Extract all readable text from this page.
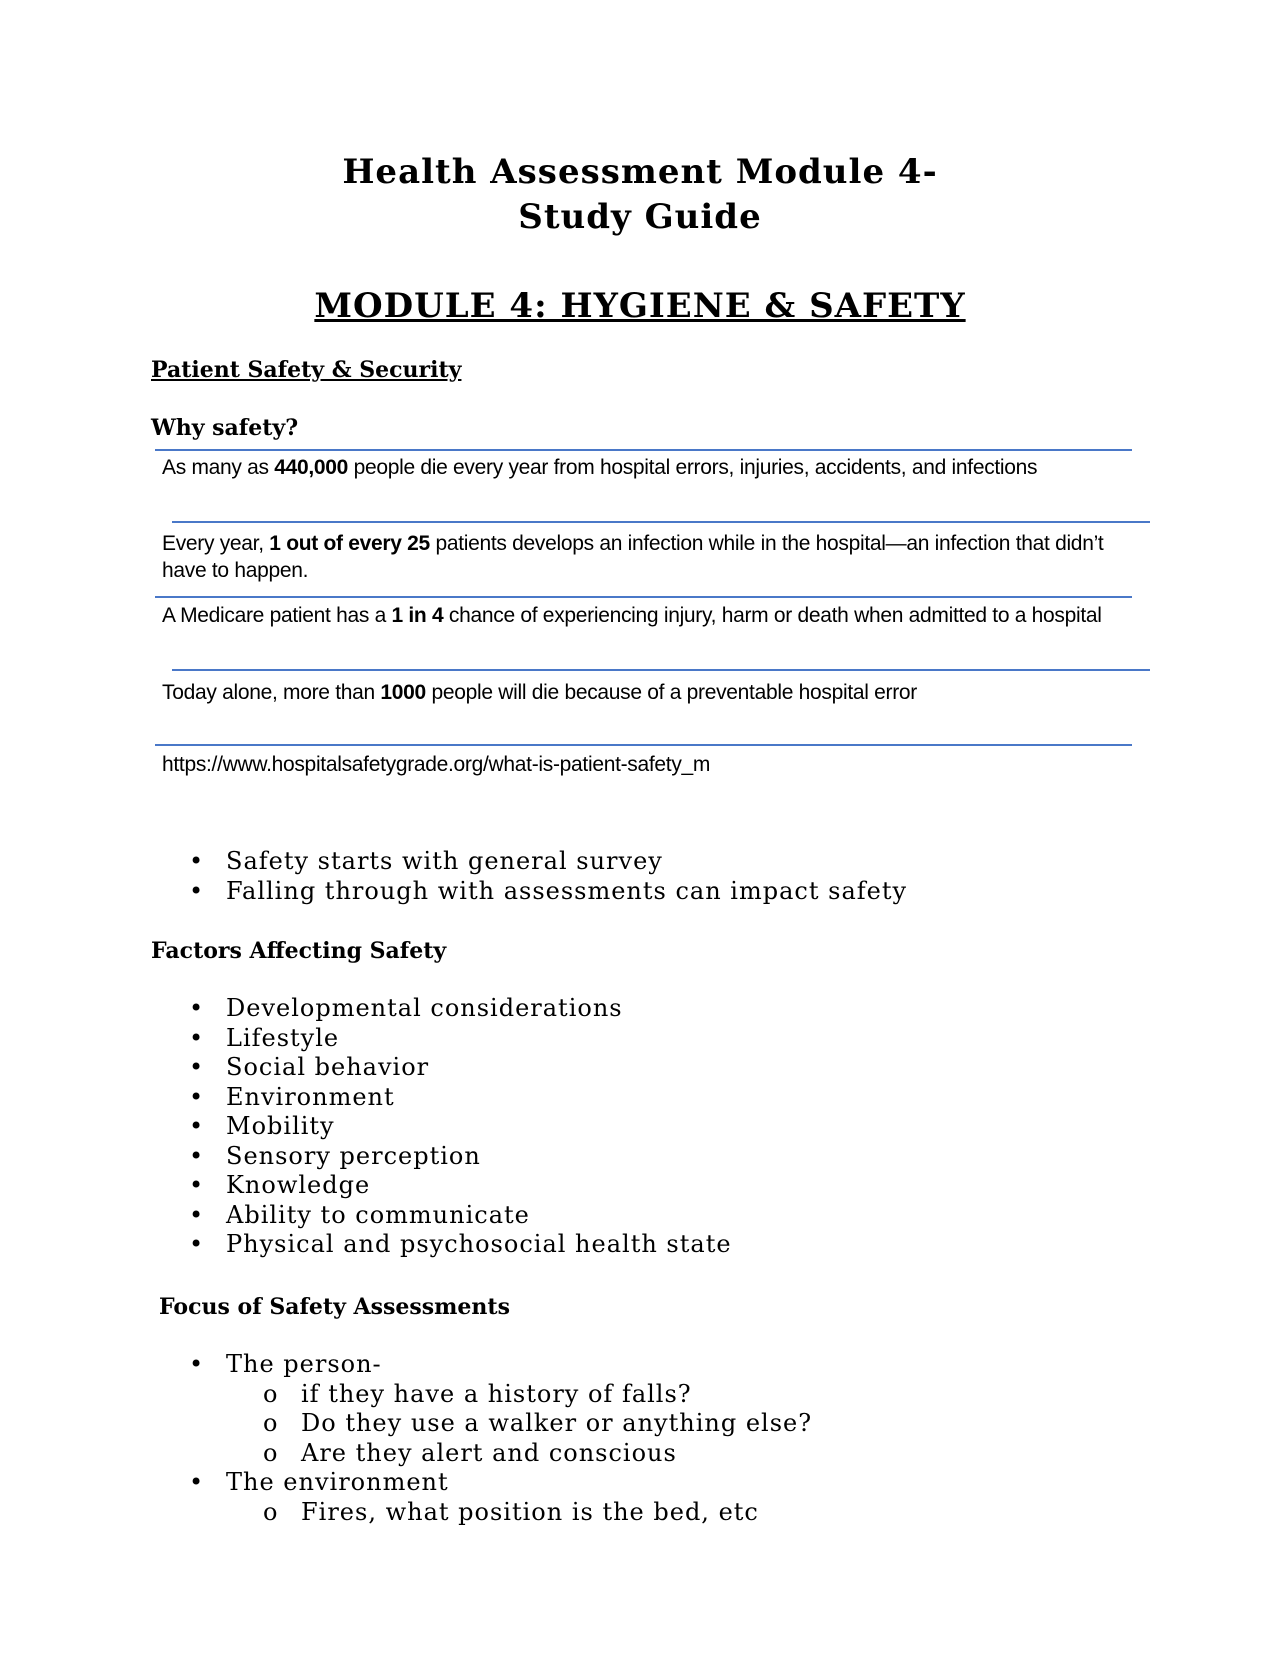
Health Assessment Module 4-
Study Guide
MODULE 4: HYGIENE & SAFETY
Patient Safety & Security
Why safety?
As many as 440,000 people die every year from hospital errors, injuries, accidents, and infections
Every year, 1 out of every 25 patients develops an infection while in the hospital—an infection that didn’t have to happen.
A Medicare patient has a 1 in 4 chance of experiencing injury, harm or death when admitted to a hospital
Today alone, more than 1000 people will die because of a preventable hospital error
https://www.hospitalsafetygrade.org/what-is-patient-safety_m
• Safety starts with general survey
• Falling through with assessments can impact safety
Factors Affecting Safety
• Developmental considerations
• Lifestyle
• Social behavior
• Environment
• Mobility
• Sensory perception
• Knowledge
• Ability to communicate
• Physical and psychosocial health state
Focus of Safety Assessments
• The person-
o if they have a history of falls?
o Do they use a walker or anything else?
o Are they alert and conscious
• The environment
o Fires, what position is the bed, etc
